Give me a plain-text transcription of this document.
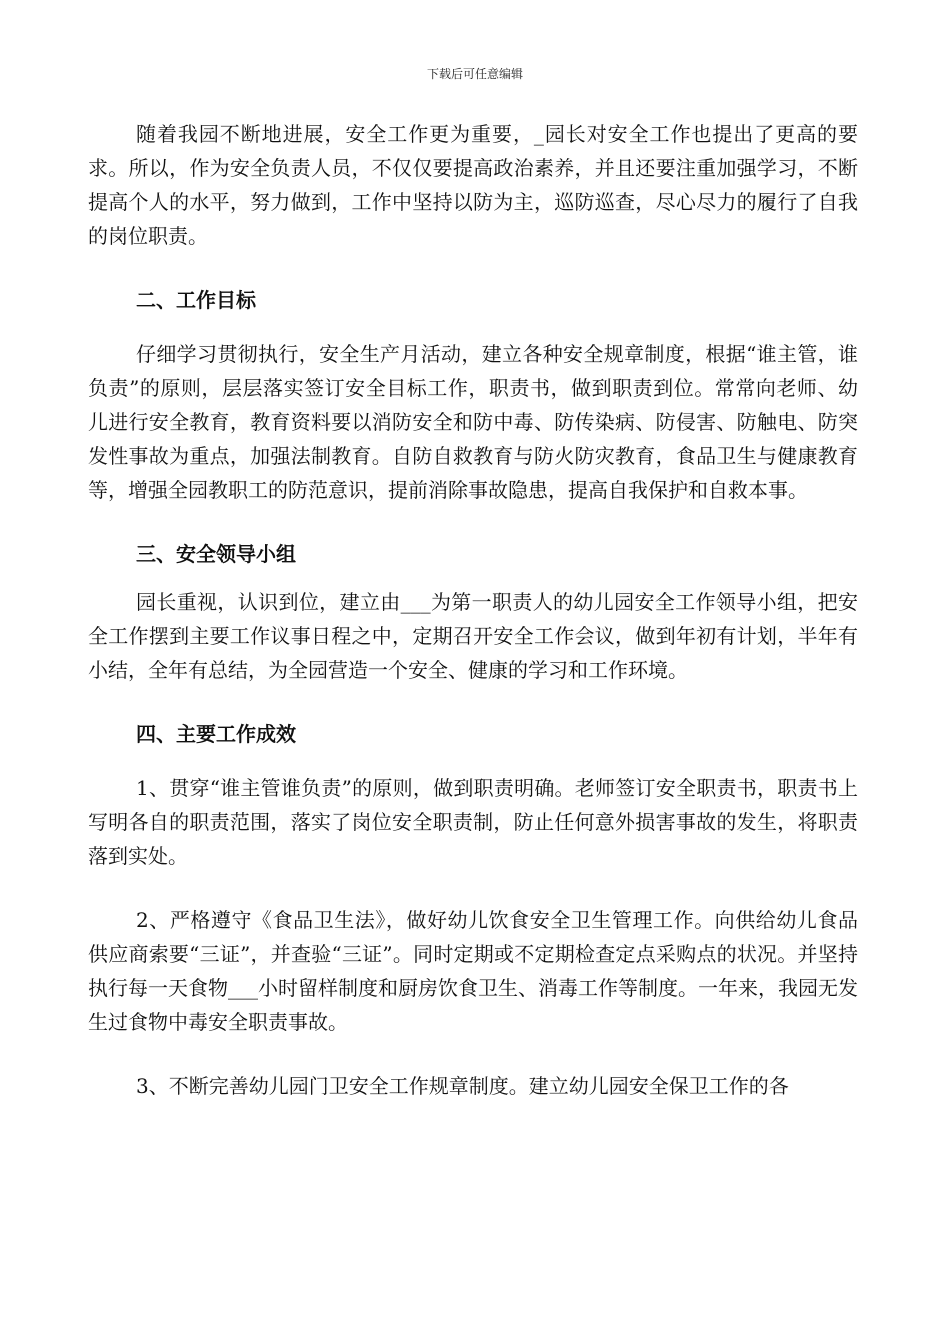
下载后可任意编辑

随着我园不断地进展，安全工作更为重要，_园长对安全工作也提出了更高的要求。所以，作为安全负责人员，不仅仅要提高政治素养，并且还要注重加强学习，不断提高个人的水平，努力做到，工作中坚持以防为主，巡防巡查，尽心尽力的履行了自我的岗位职责。

二、工作目标

仔细学习贯彻执行，安全生产月活动，建立各种安全规章制度，根据“谁主管，谁负责”的原则，层层落实签订安全目标工作，职责书，做到职责到位。常常向老师、幼儿进行安全教育，教育资料要以消防安全和防中毒、防传染病、防侵害、防触电、防突发性事故为重点，加强法制教育。自防自救教育与防火防灾教育，食品卫生与健康教育等，增强全园教职工的防范意识，提前消除事故隐患，提高自我保护和自救本事。

三、安全领导小组

园长重视，认识到位，建立由___为第一职责人的幼儿园安全工作领导小组，把安全工作摆到主要工作议事日程之中，定期召开安全工作会议，做到年初有计划，半年有小结，全年有总结，为全园营造一个安全、健康的学习和工作环境。

四、主要工作成效

1、贯穿“谁主管谁负责”的原则，做到职责明确。老师签订安全职责书，职责书上写明各自的职责范围，落实了岗位安全职责制，防止任何意外损害事故的发生，将职责落到实处。

2、严格遵守《食品卫生法》，做好幼儿饮食安全卫生管理工作。向供给幼儿食品供应商索要“三证”，并查验“三证”。同时定期或不定期检查定点采购点的状况。并坚持执行每一天食物___小时留样制度和厨房饮食卫生、消毒工作等制度。一年来，我园无发生过食物中毒安全职责事故。

3、不断完善幼儿园门卫安全工作规章制度。建立幼儿园安全保卫工作的各
